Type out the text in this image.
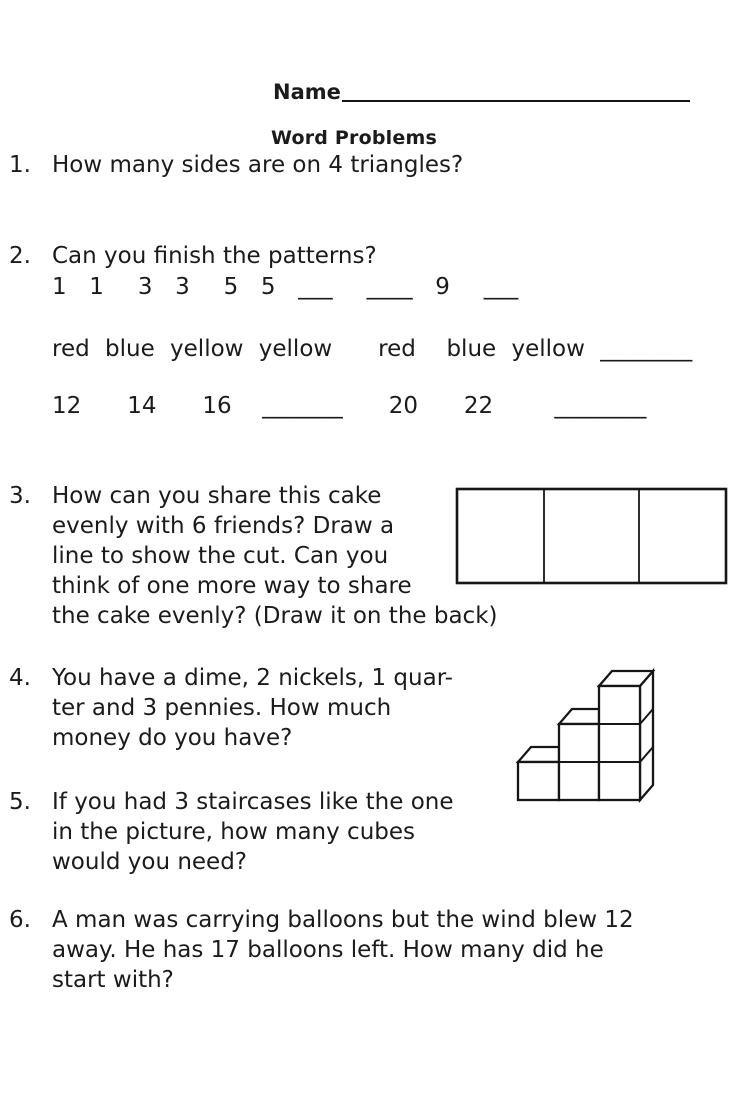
Name
Word Problems
1. How many sides are on 4 triangles?
2. Can you finish the patterns?
1  1   3  3   5  5  ___   ____  9   ___
red blue yellow yellow   red  blue yellow ________
12   14   16  _______   20   22    ________
3. How can you share this cake
evenly with 6 friends? Draw a
line to show the cut. Can you
think of one more way to share
the cake evenly? (Draw it on the back)
4. You have a dime, 2 nickels, 1 quar-
ter and 3 pennies. How much
money do you have?
5. If you had 3 staircases like the one
in the picture, how many cubes
would you need?
6. A man was carrying balloons but the wind blew 12
away. He has 17 balloons left. How many did he
start with?
